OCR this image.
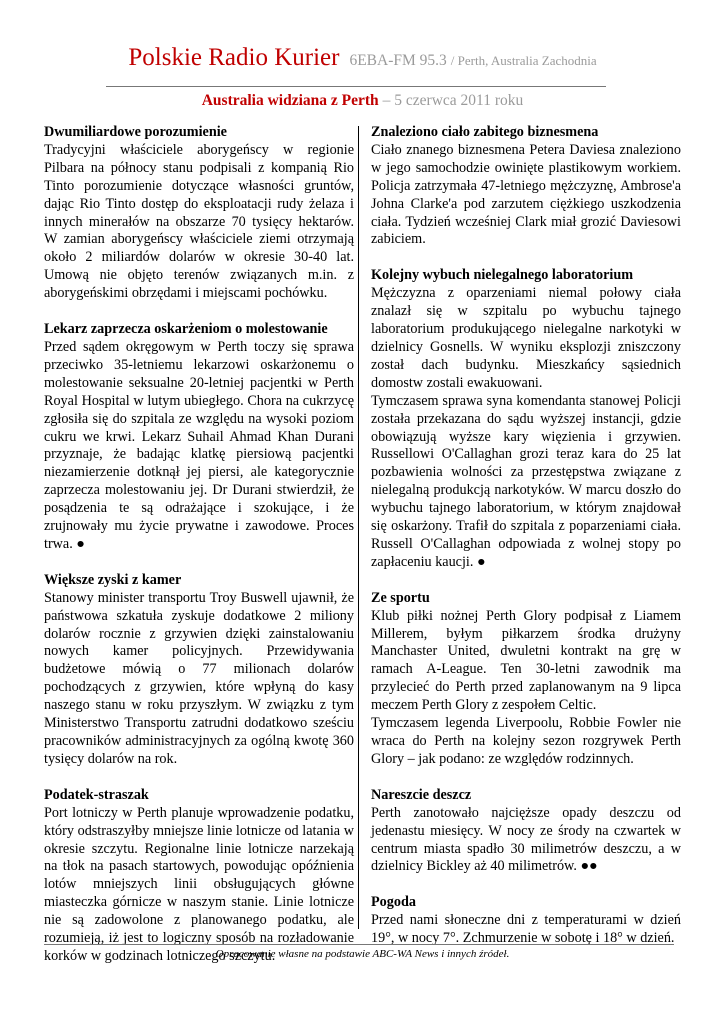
Polskie Radio Kurier 6EBA-FM 95.3 / Perth, Australia Zachodnia
Australia widziana z Perth – 5 czerwca 2011 roku
Dwumiliardowe porozumienie

Tradycyjni właściciele aborygeńscy w regionie Pilbara na północy stanu podpisali z kompanią Rio Tinto porozumienie dotyczące własności gruntów, dając Rio Tinto dostęp do eksploatacji rudy żelaza i innych minerałów na obszarze 70 tysięcy hektarów. W zamian aborygeńscy właściciele ziemi otrzymają około 2 miliardów dolarów w okresie 30-40 lat. Umową nie objęto terenów związanych m.in. z aborygeńskimi obrzędami i miejscami pochówku.

Lekarz zaprzecza oskarżeniom o molestowanie

Przed sądem okręgowym w Perth toczy się sprawa przeciwko 35-letniemu lekarzowi oskarżonemu o molestowanie seksualne 20-letniej pacjentki w Perth Royal Hospital w lutym ubiegłego. Chora na cukrzycę zgłosiła się do szpitala ze względu na wysoki poziom cukru we krwi. Lekarz Suhail Ahmad Khan Durani przyznaje, że badając klatkę piersiową pacjentki niezamierzenie dotknął jej piersi, ale kategorycznie zaprzecza molestowaniu jej. Dr Durani stwierdził, że posądzenia te są odrażające i szokujące, i że zrujnowały mu życie prywatne i zawodowe. Proces trwa. ●

Większe zyski z kamer

Stanowy minister transportu Troy Buswell ujawnił, że państwowa szkatuła zyskuje dodatkowe 2 miliony dolarów rocznie z grzywien dzięki zainstalowaniu nowych kamer policyjnych. Przewidywania budżetowe mówią o 77 milionach dolarów pochodzących z grzywien, które wpłyną do kasy naszego stanu w roku przyszłym. W związku z tym Ministerstwo Transportu zatrudni dodatkowo sześciu pracowników administracyjnych za ogólną kwotę 360 tysięcy dolarów na rok.

Podatek-straszak

Port lotniczy w Perth planuje wprowadzenie podatku, który odstraszyłby mniejsze linie lotnicze od latania w okresie szczytu. Regionalne linie lotnicze narzekają na tłok na pasach startowych, powodując opóźnienia lotów mniejszych linii obsługujących główne miasteczka górnicze w naszym stanie. Linie lotnicze nie są zadowolone z planowanego podatku, ale rozumieją, iż jest to logiczny sposób na rozładowanie korków w godzinach lotniczego szczytu.

Znaleziono ciało zabitego biznesmena

Ciało znanego biznesmena Petera Daviesa znaleziono w jego samochodzie owinięte plastikowym workiem. Policja zatrzymała 47-letniego mężczyznę, Ambrose'a Johna Clarke'a pod zarzutem ciężkiego uszkodzenia ciała. Tydzień wcześniej Clark miał grozić Daviesowi zabiciem.

Kolejny wybuch nielegalnego laboratorium

Mężczyzna z oparzeniami niemal połowy ciała znalazł się w szpitalu po wybuchu tajnego laboratorium produkującego nielegalne narkotyki w dzielnicy Gosnells. W wyniku eksplozji zniszczony został dach budynku. Mieszkańcy sąsiednich domostw zostali ewakuowani.

Tymczasem sprawa syna komendanta stanowej Policji została przekazana do sądu wyższej instancji, gdzie obowiązują wyższe kary więzienia i grzywien. Russellowi O'Callaghan grozi teraz kara do 25 lat pozbawienia wolności za przestępstwa związane z nielegalną produkcją narkotyków. W marcu doszło do wybuchu tajnego laboratorium, w którym znajdował się oskarżony. Trafił do szpitala z poparzeniami ciała. Russell O'Callaghan odpowiada z wolnej stopy po zapłaceniu kaucji. ●

Ze sportu

Klub piłki nożnej Perth Glory podpisał z Liamem Millerem, byłym piłkarzem środka drużyny Manchaster United, dwuletni kontrakt na grę w ramach A-League. Ten 30-letni zawodnik ma przylecieć do Perth przed zaplanowanym na 9 lipca meczem Perth Glory z zespołem Celtic.

Tymczasem legenda Liverpoolu, Robbie Fowler nie wraca do Perth na kolejny sezon rozgrywek Perth Glory – jak podano: ze względów rodzinnych.

Nareszcie deszcz

Perth zanotowało najcięższe opady deszczu od jedenastu miesięcy. W nocy ze środy na czwartek w centrum miasta spadło 30 milimetrów deszczu, a w dzielnicy Bickley aż 40 milimetrów. ●●

Pogoda

Przed nami słoneczne dni z temperaturami w dzień 19°, w nocy 7°. Zchmurzenie w sobotę i 18° w dzień.

Opracowanie własne na podstawie ABC-WA News i innych źródeł.
